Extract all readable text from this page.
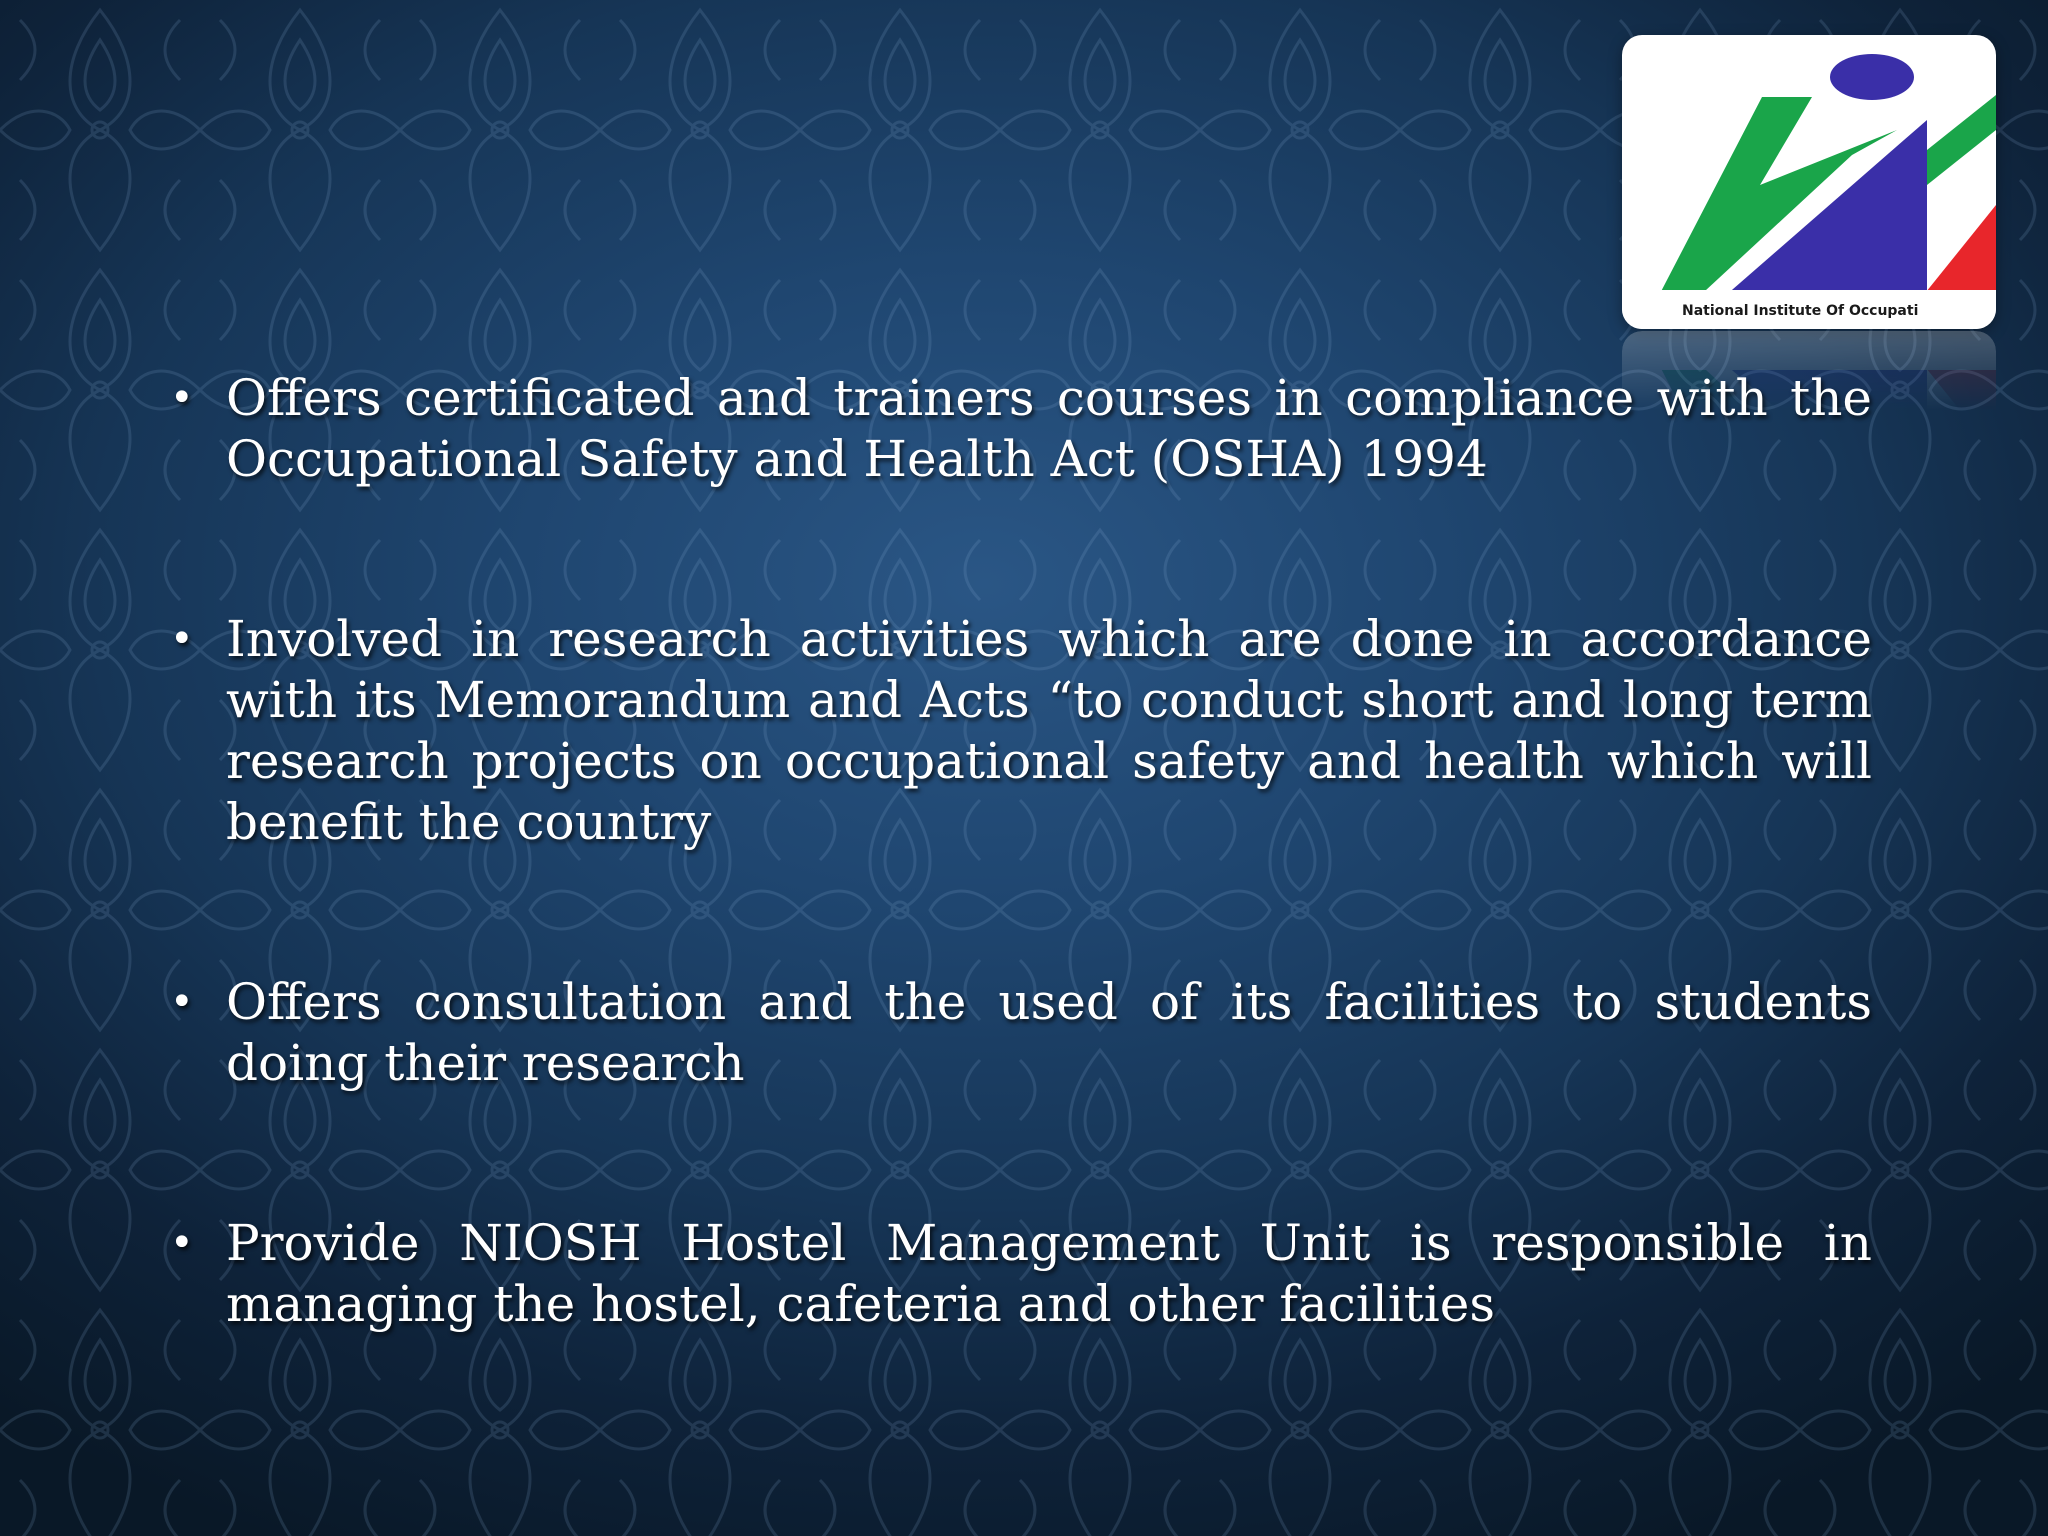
National Institute Of Occupati
• Offers certificated and trainers courses in compliance with the Occupational Safety and Health Act (OSHA) 1994
• Involved in research activities which are done in accordance with its Memorandum and Acts “to conduct short and long term research projects on occupational safety and health which will benefit the country
• Offers consultation and the used of its facilities to students doing their research
• Provide NIOSH Hostel Management Unit is responsible in managing the hostel, cafeteria and other facilities
